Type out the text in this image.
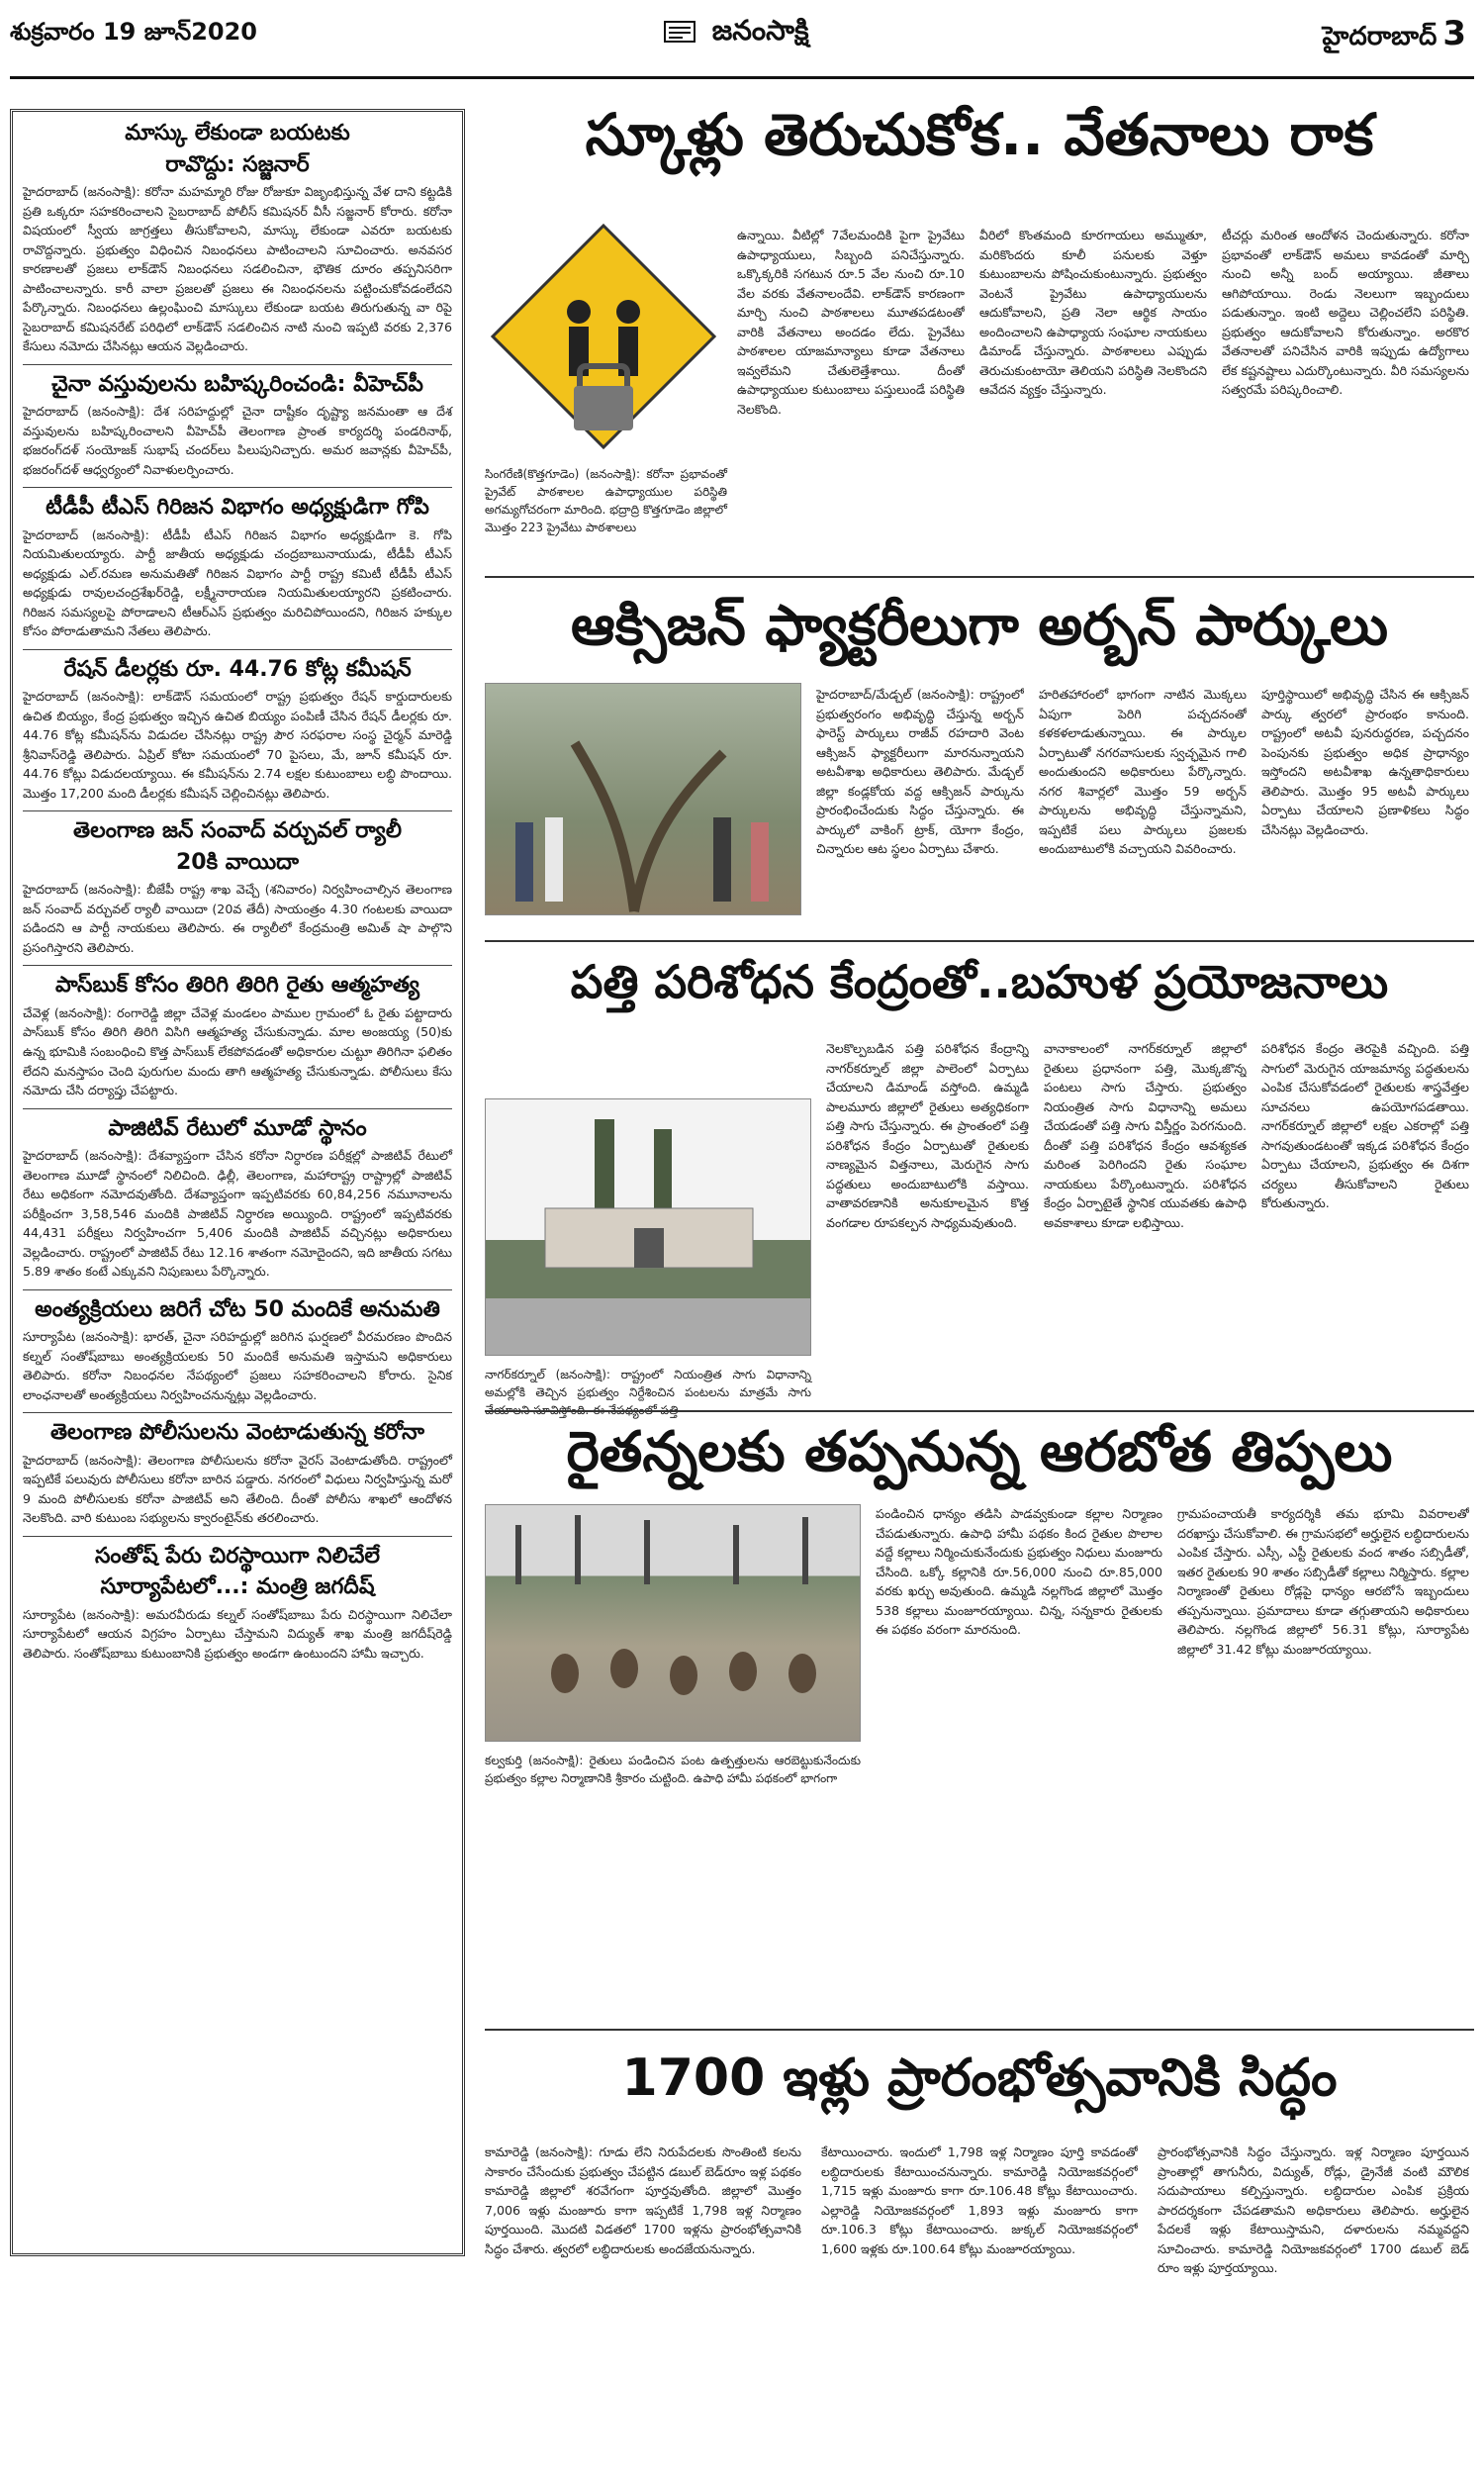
శుక్రవారం 19 జూన్2020	జనంసాక్షి	హైదరాబాద్ 3
మాస్కు లేకుండా బయటకు
రావొద్దు: సజ్జనార్
హైదరాబాద్‌ (జనంసాక్షి): కరోనా మహమ్మారి రోజు రోజుకూ విజృంభిస్తున్న వేళ దాని కట్టడికి ప్రతి ఒక్కరూ సహకరించాలని సైబరాబాద్‌ పోలీస్‌ కమిషనర్‌ వీసీ సజ్జనార్‌ కోరారు. కరోనా విషయంలో స్వీయ జాగ్రత్తలు తీసుకోవాలని, మాస్కు లేకుండా ఎవరూ బయటకు రావొద్దన్నారు. ప్రభుత్వం విధించిన నిబంధనలు పాటించాలని సూచించారు. అనవసర కారణాలతో ప్రజలు లాక్‌డౌన్‌ నిబంధనలు సడలించినా, భౌతిక దూరం తప్పనిసరిగా పాటించాలన్నారు. కారీ వాలా ప్రజలతో ప్రజలు ఈ నిబంధనలను పట్టించుకోవడంలేదని పేర్కొన్నారు. నిబంధనలు ఉల్లంఘించి మాస్కులు లేకుండా బయట తిరుగుతున్న వా రిపై సైబరాబాద్‌ కమిషనరేట్‌ పరిధిలో లాక్‌డౌన్‌ సడలించిన నాటి నుంచి ఇప్పటి వరకు 2,376 కేసులు నమోదు చేసినట్లు ఆయన వెల్లడించారు.
చైనా వస్తువులను బహిష్కరించండి: వీహెచ్‌పీ
హైదరాబాద్‌ (జనంసాక్షి): దేశ సరిహద్దుల్లో చైనా దాష్టీకం దృష్ట్యా జనమంతా ఆ దేశ వస్తువులను బహిష్కరించాలని వీహెచ్‌పీ తెలంగాణ ప్రాంత కార్యదర్శి పండరినాథ్‌, భజరంగ్‌దళ్‌ సంయోజక్‌ సుభాష్‌ చందర్‌లు పిలుపునిచ్చారు. అమర జవాన్లకు వీహెచ్‌పీ, భజరంగ్‌దళ్‌ ఆధ్వర్యంలో నివాళులర్పించారు.
టీడీపీ టీఎస్‌ గిరిజన విభాగం అధ్యక్షుడిగా గోపి
హైదరాబాద్‌ (జనంసాక్షి): టీడీపీ టీఎస్‌ గిరిజన విభాగం అధ్యక్షుడిగా కె. గోపి నియమితులయ్యారు. పార్టీ జాతీయ అధ్యక్షుడు చంద్రబాబునాయుడు, టీడీపీ టీఎస్‌ అధ్యక్షుడు ఎల్‌.రమణ అనుమతితో గిరిజన విభాగం పార్టీ రాష్ట్ర కమిటీ టీడీపీ టీఎస్‌ అధ్యక్షుడు రావులచంద్రశేఖర్‌రెడ్డి, లక్ష్మీనారాయణ నియమితులయ్యారని ప్రకటించారు. గిరిజన సమస్యలపై పోరాడాలని టీఆర్‌ఎస్‌ ప్రభుత్వం మరిచిపోయిందని, గిరిజన హక్కుల కోసం పోరాడుతామని నేతలు తెలిపారు.
రేషన్‌ డీలర్లకు రూ. 44.76 కోట్ల కమీషన్‌
హైదరాబాద్‌ (జనంసాక్షి): లాక్‌డౌన్‌ సమయంలో రాష్ట్ర ప్రభుత్వం రేషన్‌ కార్డుదారులకు ఉచిత బియ్యం, కేంద్ర ప్రభుత్వం ఇచ్చిన ఉచిత బియ్యం పంపిణీ చేసిన రేషన్‌ డీలర్లకు రూ. 44.76 కోట్ల కమీషన్‌ను విడుదల చేసినట్లు రాష్ట్ర పౌర సరఫరాల సంస్థ చైర్మన్‌ మారెడ్డి శ్రీనివాస్‌రెడ్డి తెలిపారు. ఏప్రిల్‌ కోటా సమయంలో 70 పైసలు, మే, జూన్‌ కమీషన్‌ రూ. 44.76 కోట్లు విడుదలయ్యాయి. ఈ కమీషన్‌ను 2.74 లక్షల కుటుంబాలు లబ్ధి పొందాయి. మొత్తం 17,200 మంది డీలర్లకు కమీషన్‌ చెల్లించినట్లు తెలిపారు.
తెలంగాణ జన్‌ సంవాద్‌ వర్చువల్‌ ర్యాలీ
20కి వాయిదా
హైదరాబాద్‌ (జనంసాక్షి): బీజేపీ రాష్ట్ర శాఖ వెచ్చే (శనివారం) నిర్వహించాల్సిన తెలంగాణ జన్‌ సంవాద్‌ వర్చువల్‌ ర్యాలీ వాయిదా (20వ తేదీ) సాయంత్రం 4.30 గంటలకు వాయిదా పడిందని ఆ పార్టీ నాయకులు తెలిపారు. ఈ ర్యాలీలో కేంద్రమంత్రి అమిత్‌ షా పాల్గొని ప్రసంగిస్తారని తెలిపారు.
పాస్‌బుక్‌ కోసం తిరిగి తిరిగి రైతు ఆత్మహత్య
చేవెళ్ల (జనంసాక్షి): రంగారెడ్డి జిల్లా చేవెళ్ల మండలం పాముల గ్రామంలో ఓ రైతు పట్టాదారు పాస్‌బుక్‌ కోసం తిరిగి తిరిగి విసిగి ఆత్మహత్య చేసుకున్నాడు. మాల అంజయ్య (50)కు ఉన్న భూమికి సంబంధించి కొత్త పాస్‌బుక్‌ లేకపోవడంతో అధికారుల చుట్టూ తిరిగినా ఫలితం లేదని మనస్తాపం చెంది పురుగుల మందు తాగి ఆత్మహత్య చేసుకున్నాడు. పోలీసులు కేసు నమోదు చేసి దర్యాప్తు చేపట్టారు.
పాజిటివ్‌ రేటులో మూడో స్థానం
హైదరాబాద్‌ (జనంసాక్షి): దేశవ్యాప్తంగా చేసిన కరోనా నిర్ధారణ పరీక్షల్లో పాజిటివ్‌ రేటులో తెలంగాణ మూడో స్థానంలో నిలిచింది. ఢిల్లీ, తెలంగాణ, మహారాష్ట్ర రాష్ట్రాల్లో పాజిటివ్‌ రేటు అధికంగా నమోదవుతోంది. దేశవ్యాప్తంగా ఇప్పటివరకు 60,84,256 నమూనాలను పరీక్షించగా 3,58,546 మందికి పాజిటివ్‌ నిర్ధారణ అయ్యింది. రాష్ట్రంలో ఇప్పటివరకు 44,431 పరీక్షలు నిర్వహించగా 5,406 మందికి పాజిటివ్‌ వచ్చినట్లు అధికారులు వెల్లడించారు. రాష్ట్రంలో పాజిటివ్‌ రేటు 12.16 శాతంగా నమోదైందని, ఇది జాతీయ సగటు 5.89 శాతం కంటే ఎక్కువని నిపుణులు పేర్కొన్నారు.
అంత్యక్రియలు జరిగే చోట 50 మందికే అనుమతి
సూర్యాపేట (జనంసాక్షి): భారత్‌, చైనా సరిహద్దుల్లో జరిగిన ఘర్షణలో వీరమరణం పొందిన కల్నల్‌ సంతోష్‌బాబు అంత్యక్రియలకు 50 మందికే అనుమతి ఇస్తామని అధికారులు తెలిపారు. కరోనా నిబంధనల నేపథ్యంలో ప్రజలు సహకరించాలని కోరారు. సైనిక లాంఛనాలతో అంత్యక్రియలు నిర్వహించనున్నట్లు వెల్లడించారు.
తెలంగాణ పోలీసులను వెంటాడుతున్న కరోనా
హైదరాబాద్‌ (జనంసాక్షి): తెలంగాణ పోలీసులను కరోనా వైరస్‌ వెంటాడుతోంది. రాష్ట్రంలో ఇప్పటికే పలువురు పోలీసులు కరోనా బారిన పడ్డారు. నగరంలో విధులు నిర్వహిస్తున్న మరో 9 మంది పోలీసులకు కరోనా పాజిటివ్‌ అని తేలింది. దీంతో పోలీసు శాఖలో ఆందోళన నెలకొంది. వారి కుటుంబ సభ్యులను క్వారంటైన్‌కు తరలించారు.
సంతోష్‌ పేరు చిరస్థాయిగా నిలిచేలే
సూర్యాపేటలో...: మంత్రి జగదీష్‌
సూర్యాపేట (జనంసాక్షి): అమరవీరుడు కల్నల్‌ సంతోష్‌బాబు పేరు చిరస్థాయిగా నిలిచేలా సూర్యాపేటలో ఆయన విగ్రహం ఏర్పాటు చేస్తామని విద్యుత్‌ శాఖ మంత్రి జగదీష్‌రెడ్డి తెలిపారు. సంతోష్‌బాబు కుటుంబానికి ప్రభుత్వం అండగా ఉంటుందని హామీ ఇచ్చారు.
స్కూళ్లు తెరుచుకోక.. వేతనాలు రాక
సింగరేణి(కొత్తగూడెం) (జనంసాక్షి): కరోనా ప్రభావంతో ప్రైవేట్‌ పాఠశాలల ఉపాధ్యాయుల పరిస్థితి అగమ్యగోచరంగా మారింది. భద్రాద్రి కొత్తగూడెం జిల్లాలో మొత్తం 223 ప్రైవేటు పాఠశాలలు
ఉన్నాయి. వీటిల్లో 7వేలమందికి పైగా ప్రైవేటు ఉపాధ్యాయులు, సిబ్బంది పనిచేస్తున్నారు. ఒక్కొక్కరికి సగటున రూ.5 వేల నుంచి రూ.10 వేల వరకు వేతనాలందేవి. లాక్‌డౌన్‌ కారణంగా మార్చి నుంచి పాఠశాలలు మూతపడటంతో వారికి వేతనాలు అందడం లేదు. ప్రైవేటు పాఠశాలల యాజమాన్యాలు కూడా వేతనాలు ఇవ్వలేమని చేతులెత్తేశాయి. దీంతో ఉపాధ్యాయుల కుటుంబాలు పస్తులుండే పరిస్థితి నెలకొంది.
వీరిలో కొంతమంది కూరగాయలు అమ్ముతూ, మరికొందరు కూలీ పనులకు వెళ్తూ కుటుంబాలను పోషించుకుంటున్నారు. ప్రభుత్వం వెంటనే ప్రైవేటు ఉపాధ్యాయులను ఆదుకోవాలని, ప్రతి నెలా ఆర్థిక సాయం అందించాలని ఉపాధ్యాయ సంఘాల నాయకులు డిమాండ్‌ చేస్తున్నారు. పాఠశాలలు ఎప్పుడు తెరుచుకుంటాయో తెలియని పరిస్థితి నెలకొందని ఆవేదన వ్యక్తం చేస్తున్నారు.
టీచర్లు మరింత ఆందోళన చెందుతున్నారు. కరోనా ప్రభావంతో లాక్‌డౌన్‌ అమలు కావడంతో మార్చి నుంచి అన్నీ బంద్‌ అయ్యాయి. జీతాలు ఆగిపోయాయి. రెండు నెలలుగా ఇబ్బందులు పడుతున్నాం. ఇంటి అద్దెలు చెల్లించలేని పరిస్థితి. ప్రభుత్వం ఆదుకోవాలని కోరుతున్నాం. అరకొర వేతనాలతో పనిచేసిన వారికి ఇప్పుడు ఉద్యోగాలు లేక కష్టనష్టాలు ఎదుర్కొంటున్నారు. వీరి సమస్యలను సత్వరమే పరిష్కరించాలి.
ఆక్సిజన్‌ ఫ్యాక్టరీలుగా అర్బన్‌ పార్కులు
హైదరాబాద్‌/మేడ్చల్‌ (జనంసాక్షి): రాష్ట్రంలో ప్రభుత్వరంగం అభివృద్ధి చేస్తున్న అర్బన్‌ ఫారెస్ట్‌ పార్కులు రాజీవ్‌ రహదారి వెంట ఆక్సిజన్‌ ఫ్యాక్టరీలుగా మారనున్నాయని అటవీశాఖ అధికారులు తెలిపారు. మేడ్చల్‌ జిల్లా కండ్లకోయ వద్ద ఆక్సిజన్‌ పార్కును ప్రారంభించేందుకు సిద్ధం చేస్తున్నారు. ఈ పార్కులో వాకింగ్‌ ట్రాక్‌, యోగా కేంద్రం, చిన్నారుల ఆట స్థలం ఏర్పాటు చేశారు.
హరితహారంలో భాగంగా నాటిన మొక్కలు ఏపుగా పెరిగి పచ్చదనంతో కళకళలాడుతున్నాయి. ఈ పార్కుల ఏర్పాటుతో నగరవాసులకు స్వచ్ఛమైన గాలి అందుతుందని అధికారులు పేర్కొన్నారు. నగర శివార్లలో మొత్తం 59 అర్బన్‌ పార్కులను అభివృద్ధి చేస్తున్నామని, ఇప్పటికే పలు పార్కులు ప్రజలకు అందుబాటులోకి వచ్చాయని వివరించారు.
పూర్తిస్థాయిలో అభివృద్ధి చేసిన ఈ ఆక్సిజన్‌ పార్కు త్వరలో ప్రారంభం కానుంది. రాష్ట్రంలో అటవీ పునరుద్ధరణ, పచ్చదనం పెంపునకు ప్రభుత్వం అధిక ప్రాధాన్యం ఇస్తోందని అటవీశాఖ ఉన్నతాధికారులు తెలిపారు. మొత్తం 95 అటవీ పార్కులు ఏర్పాటు చేయాలని ప్రణాళికలు సిద్ధం చేసినట్లు వెల్లడించారు.
పత్తి పరిశోధన కేంద్రంతో..బహుళ ప్రయోజనాలు
నాగర్‌కర్నూల్‌ (జనంసాక్షి): రాష్ట్రంలో నియంత్రిత సాగు విధానాన్ని అమల్లోకి తెచ్చిన ప్రభుత్వం నిర్దేశించిన పంటలను మాత్రమే సాగు చేయాలని సూచిస్తోంది. ఈ నేపథ్యంలో పత్తి
నెలకొల్పబడిన పత్తి పరిశోధన కేంద్రాన్ని నాగర్‌కర్నూల్‌ జిల్లా పాలెంలో ఏర్పాటు చేయాలని డిమాండ్‌ వస్తోంది. ఉమ్మడి పాలమూరు జిల్లాలో రైతులు అత్యధికంగా పత్తి సాగు చేస్తున్నారు. ఈ ప్రాంతంలో పత్తి పరిశోధన కేంద్రం ఏర్పాటుతో రైతులకు నాణ్యమైన విత్తనాలు, మెరుగైన సాగు పద్ధతులు అందుబాటులోకి వస్తాయి. వాతావరణానికి అనుకూలమైన కొత్త వంగడాల రూపకల్పన సాధ్యమవుతుంది.
వానాకాలంలో నాగర్‌కర్నూల్‌ జిల్లాలో రైతులు ప్రధానంగా పత్తి, మొక్కజొన్న పంటలు సాగు చేస్తారు. ప్రభుత్వం నియంత్రిత సాగు విధానాన్ని అమలు చేయడంతో పత్తి సాగు విస్తీర్ణం పెరగనుంది. దీంతో పత్తి పరిశోధన కేంద్రం ఆవశ్యకత మరింత పెరిగిందని రైతు సంఘాల నాయకులు పేర్కొంటున్నారు. పరిశోధన కేంద్రం ఏర్పాటైతే స్థానిక యువతకు ఉపాధి అవకాశాలు కూడా లభిస్తాయి.
పరిశోధన కేంద్రం తెరపైకి వచ్చింది. పత్తి సాగులో మెరుగైన యాజమాన్య పద్ధతులను ఎంపిక చేసుకోవడంలో రైతులకు శాస్త్రవేత్తల సూచనలు ఉపయోగపడతాయి. నాగర్‌కర్నూల్‌ జిల్లాలో లక్షల ఎకరాల్లో పత్తి సాగవుతుండటంతో ఇక్కడ పరిశోధన కేంద్రం ఏర్పాటు చేయాలని, ప్రభుత్వం ఈ దిశగా చర్యలు తీసుకోవాలని రైతులు కోరుతున్నారు.
రైతన్నలకు తప్పనున్న ఆరబోత తిప్పలు
కల్వకుర్తి (జనంసాక్షి): రైతులు పండించిన పంట ఉత్పత్తులను ఆరబెట్టుకునేందుకు ప్రభుత్వం కల్లాల నిర్మాణానికి శ్రీకారం చుట్టింది. ఉపాధి హామీ పథకంలో భాగంగా
పండించిన ధాన్యం తడిసి పాడవ్వకుండా కల్లాల నిర్మాణం చేపడుతున్నారు. ఉపాధి హామీ పథకం కింద రైతుల పొలాల వద్దే కల్లాలు నిర్మించుకునేందుకు ప్రభుత్వం నిధులు మంజూరు చేసింది. ఒక్కో కల్లానికి రూ.56,000 నుంచి రూ.85,000 వరకు ఖర్చు అవుతుంది. ఉమ్మడి నల్లగొండ జిల్లాలో మొత్తం 538 కల్లాలు మంజూరయ్యాయి. చిన్న, సన్నకారు రైతులకు ఈ పథకం వరంగా మారనుంది.
గ్రామపంచాయతీ కార్యదర్శికి తమ భూమి వివరాలతో దరఖాస్తు చేసుకోవాలి. ఈ గ్రామసభలో అర్హులైన లబ్ధిదారులను ఎంపిక చేస్తారు. ఎస్సీ, ఎస్టీ రైతులకు వంద శాతం సబ్సిడీతో, ఇతర రైతులకు 90 శాతం సబ్సిడీతో కల్లాలు నిర్మిస్తారు. కల్లాల నిర్మాణంతో రైతులు రోడ్లపై ధాన్యం ఆరబోసే ఇబ్బందులు తప్పనున్నాయి. ప్రమాదాలు కూడా తగ్గుతాయని అధికారులు తెలిపారు. నల్లగొండ జిల్లాలో 56.31 కోట్లు, సూర్యాపేట జిల్లాలో 31.42 కోట్లు మంజూరయ్యాయి.
1700 ఇళ్లు ప్రారంభోత్సవానికి సిద్ధం
కామారెడ్డి (జనంసాక్షి): గూడు లేని నిరుపేదలకు సొంతింటి కలను సాకారం చేసేందుకు ప్రభుత్వం చేపట్టిన డబుల్‌ బెడ్‌రూం ఇళ్ల పథకం కామారెడ్డి జిల్లాలో శరవేగంగా పూర్తవుతోంది. జిల్లాలో మొత్తం 7,006 ఇళ్లు మంజూరు కాగా ఇప్పటికే 1,798 ఇళ్ల నిర్మాణం పూర్తయింది. మొదటి విడతలో 1700 ఇళ్లను ప్రారంభోత్సవానికి సిద్ధం చేశారు. త్వరలో లబ్ధిదారులకు అందజేయనున్నారు.
కేటాయించారు. ఇందులో 1,798 ఇళ్ల నిర్మాణం పూర్తి కావడంతో లబ్ధిదారులకు కేటాయించనున్నారు. కామారెడ్డి నియోజకవర్గంలో 1,715 ఇళ్లు మంజూరు కాగా రూ.106.48 కోట్లు కేటాయించారు. ఎల్లారెడ్డి నియోజకవర్గంలో 1,893 ఇళ్లు మంజూరు కాగా రూ.106.3 కోట్లు కేటాయించారు. జుక్కల్‌ నియోజకవర్గంలో 1,600 ఇళ్లకు రూ.100.64 కోట్లు మంజూరయ్యాయి.
ప్రారంభోత్సవానికి సిద్ధం చేస్తున్నారు. ఇళ్ల నిర్మాణం పూర్తయిన ప్రాంతాల్లో తాగునీరు, విద్యుత్‌, రోడ్లు, డ్రైనేజీ వంటి మౌలిక సదుపాయాలు కల్పిస్తున్నారు. లబ్ధిదారుల ఎంపిక ప్రక్రియ పారదర్శకంగా చేపడతామని అధికారులు తెలిపారు. అర్హులైన పేదలకే ఇళ్లు కేటాయిస్తామని, దళారులను నమ్మవద్దని సూచించారు. కామారెడ్డి నియోజకవర్గంలో 1700 డబుల్‌ బెడ్‌ రూం ఇళ్లు పూర్తయ్యాయి.
